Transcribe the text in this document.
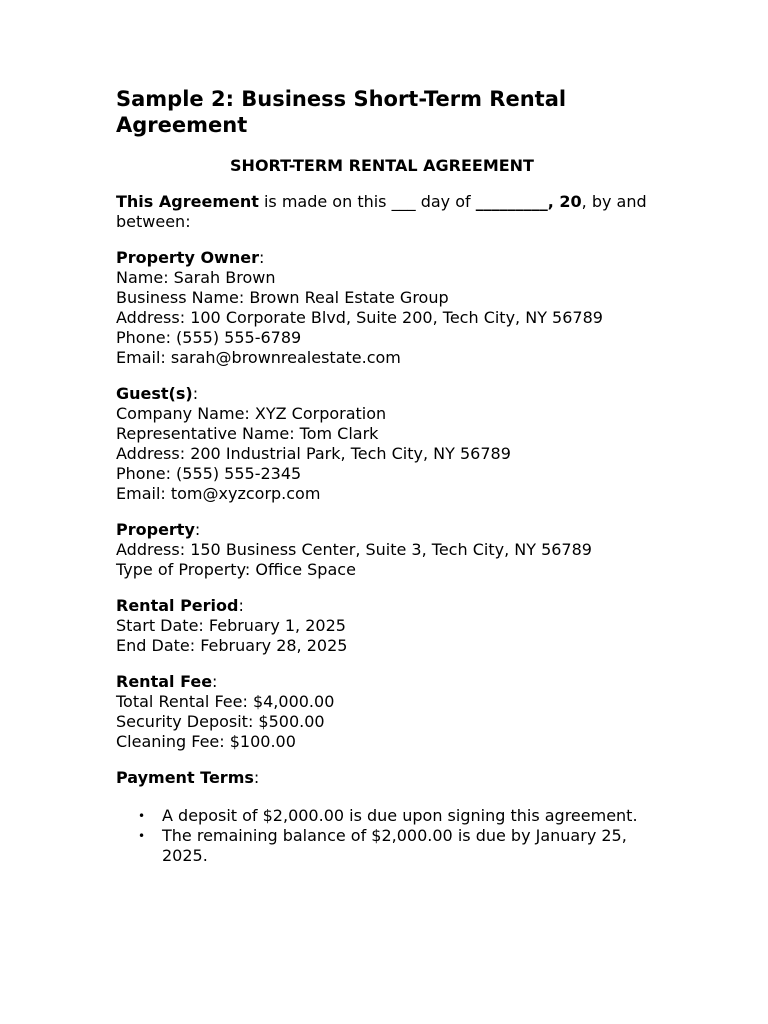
Sample 2: Business Short-Term Rental Agreement
SHORT-TERM RENTAL AGREEMENT

This Agreement is made on this ___ day of _________, 20, by and between:

Property Owner:
Name: Sarah Brown
Business Name: Brown Real Estate Group
Address: 100 Corporate Blvd, Suite 200, Tech City, NY 56789
Phone: (555) 555-6789
Email: sarah@brownrealestate.com
Guest(s):
Company Name: XYZ Corporation
Representative Name: Tom Clark
Address: 200 Industrial Park, Tech City, NY 56789
Phone: (555) 555-2345
Email: tom@xyzcorp.com
Property:
Address: 150 Business Center, Suite 3, Tech City, NY 56789
Type of Property: Office Space
Rental Period:
Start Date: February 1, 2025
End Date: February 28, 2025
Rental Fee:
Total Rental Fee: $4,000.00
Security Deposit: $500.00
Cleaning Fee: $100.00
Payment Terms:
• A deposit of $2,000.00 is due upon signing this agreement.
• The remaining balance of $2,000.00 is due by January 25, 2025.
